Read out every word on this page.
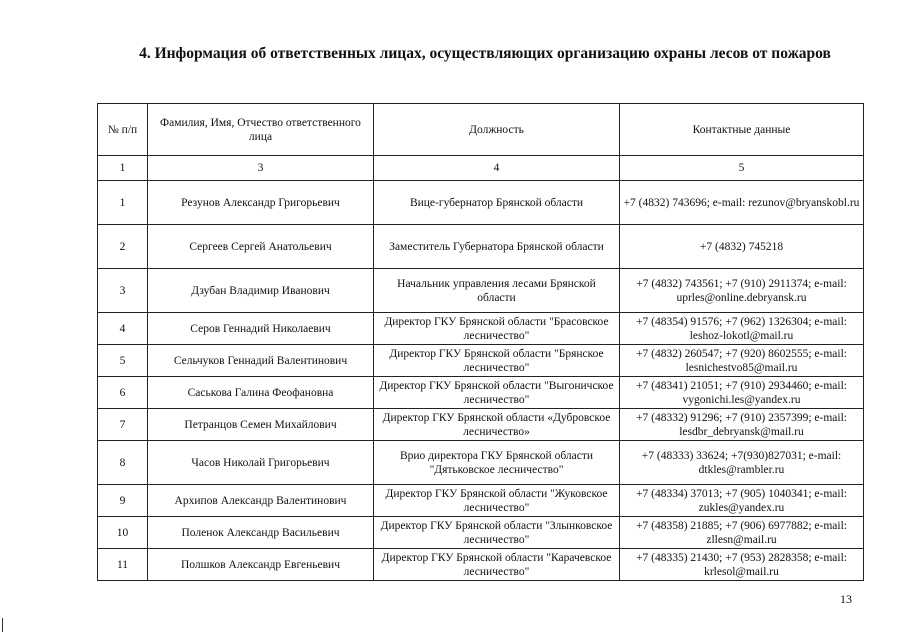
4. Информация об ответственных лицах, осуществляющих организацию охраны лесов от пожаров
№ п/п	Фамилия, Имя, Отчество ответственного лица	Должность	Контактные данные
1	3	4	5
1	Резунов Александр Григорьевич	Вице-губернатор Брянской области	+7 (4832) 743696; e-mail: rezunov@bryanskobl.ru
2	Сергеев Сергей Анатольевич	Заместитель Губернатора Брянской области	+7 (4832) 745218
3	Дзубан Владимир Иванович	Начальник управления лесами Брянской области	+7 (4832) 743561; +7 (910) 2911374; e-mail: uprles@online.debryansk.ru
4	Серов Геннадий Николаевич	Директор ГКУ Брянской области "Брасовское лесничество"	+7 (48354) 91576; +7 (962) 1326304; e-mail: leshoz-lokotl@mail.ru
5	Сельчуков Геннадий Валентинович	Директор ГКУ Брянской области "Брянское лесничество"	+7 (4832) 260547; +7 (920) 8602555; e-mail: lesnichestvo85@mail.ru
6	Саськова Галина Феофановна	Директор ГКУ Брянской области "Выгоничское лесничество"	+7 (48341) 21051; +7 (910) 2934460; e-mail: vygonichi.les@yandex.ru
7	Петранцов Семен Михайлович	Директор ГКУ Брянской области «Дубровское лесничество»	+7 (48332) 91296; +7 (910) 2357399; e-mail: lesdbr_debryansk@mail.ru
8	Часов Николай Григорьевич	Врио директора ГКУ Брянской области "Дятьковское лесничество"	+7 (48333) 33624; +7(930)827031; e-mail: dtkles@rambler.ru
9	Архипов Александр Валентинович	Директор ГКУ Брянской области "Жуковское лесничество"	+7 (48334) 37013; +7 (905) 1040341; e-mail: zukles@yandex.ru
10	Поленок Александр Васильевич	Директор ГКУ Брянской области "Злынковское лесничество"	+7 (48358) 21885; +7 (906) 6977882; e-mail: zllesn@mail.ru
11	Полшков Александр Евгеньевич	Директор ГКУ Брянской области "Карачевское лесничество"	+7 (48335) 21430; +7 (953) 2828358; e-mail: krlesol@mail.ru
13
